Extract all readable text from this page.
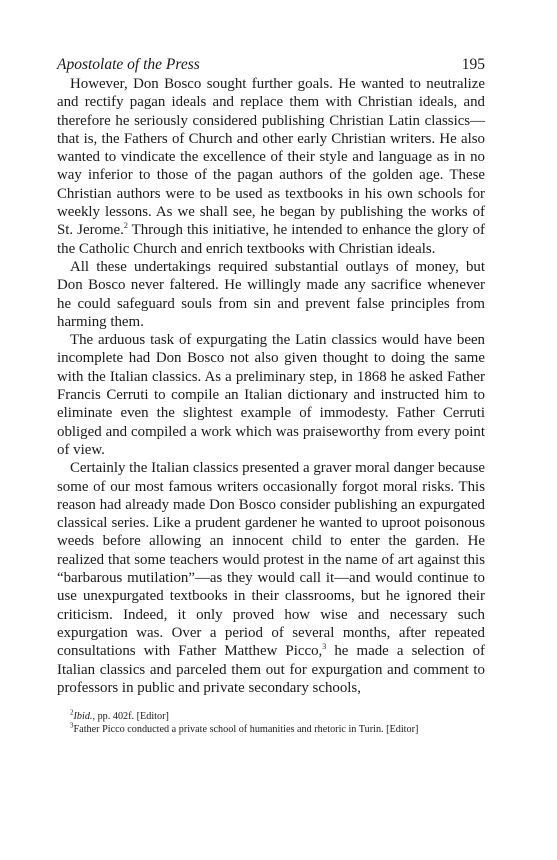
Apostolate of the Press	195

However, Don Bosco sought further goals. He wanted to neutralize and rectify pagan ideals and replace them with Christian ideals, and therefore he seriously considered publishing Christian Latin classics—that is, the Fathers of Church and other early Christian writers. He also wanted to vindicate the excellence of their style and language as in no way inferior to those of the pagan authors of the golden age. These Christian authors were to be used as textbooks in his own schools for weekly lessons. As we shall see, he began by publishing the works of St. Jerome.$^2$ Through this initiative, he intended to enhance the glory of the Catholic Church and enrich textbooks with Christian ideals.

All these undertakings required substantial outlays of money, but Don Bosco never faltered. He willingly made any sacrifice whenever he could safeguard souls from sin and prevent false principles from harming them.

The arduous task of expurgating the Latin classics would have been incomplete had Don Bosco not also given thought to doing the same with the Italian classics. As a preliminary step, in 1868 he asked Father Francis Cerruti to compile an Italian dictionary and instructed him to eliminate even the slightest example of immodesty. Father Cerruti obliged and compiled a work which was praiseworthy from every point of view.

Certainly the Italian classics presented a graver moral danger because some of our most famous writers occasionally forgot moral risks. This reason had already made Don Bosco consider publishing an expurgated classical series. Like a prudent gardener he wanted to uproot poisonous weeds before allowing an innocent child to enter the garden. He realized that some teachers would protest in the name of art against this “barbarous mutilation”—as they would call it—and would continue to use unexpurgated textbooks in their classrooms, but he ignored their criticism. Indeed, it only proved how wise and necessary such expurgation was. Over a period of several months, after repeated consultations with Father Matthew Picco,$^3$ he made a selection of Italian classics and parceled them out for expurgation and comment to professors in public and private secondary schools,

$^2$Ibid., pp. 402f. [Editor]

$^3$Father Picco conducted a private school of humanities and rhetoric in Turin. [Editor]
